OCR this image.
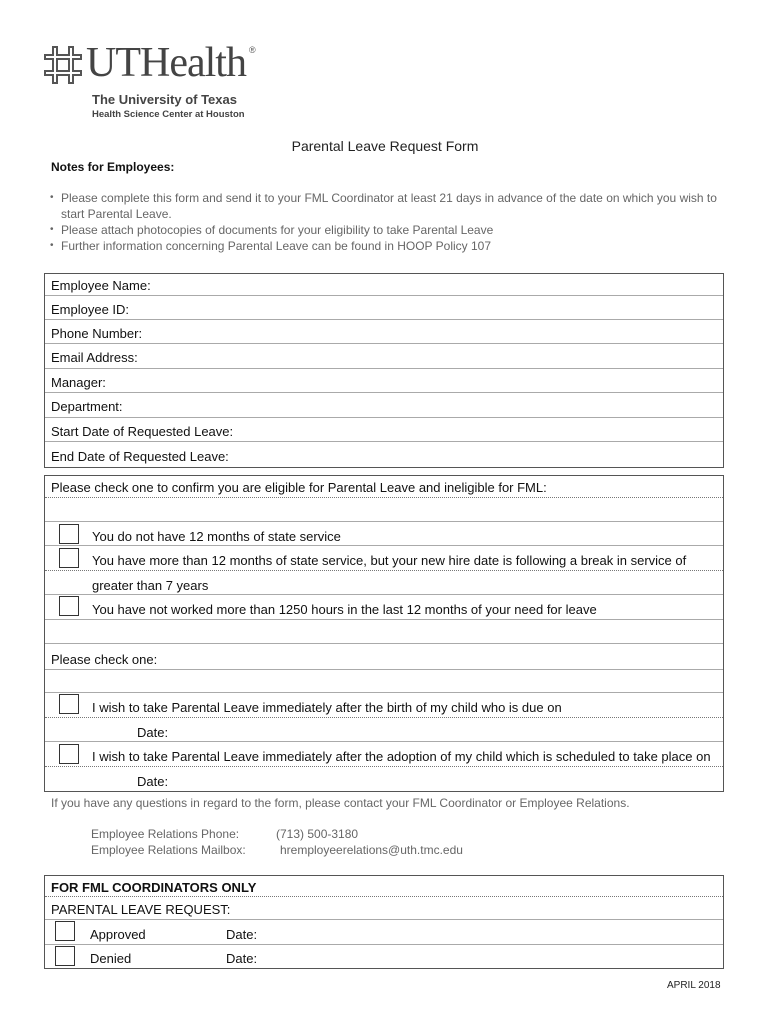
UTHealth ®
The University of Texas
Health Science Center at Houston
Parental Leave Request Form
Notes for Employees:
• Please complete this form and send it to your FML Coordinator at least 21 days in advance of the date on which you wish to start Parental Leave.
• Please attach photocopies of documents for your eligibility to take Parental Leave
• Further information concerning Parental Leave can be found in HOOP Policy 107
Employee Name:
Employee ID:
Phone Number:
Email Address:
Manager:
Department:
Start Date of Requested Leave:
End Date of Requested Leave:
Please check one to confirm you are eligible for Parental Leave and ineligible for FML:
You do not have 12 months of state service
You have more than 12 months of state service, but your new hire date is following a break in service of
greater than 7 years
You have not worked more than 1250 hours in the last 12 months of your need for leave
Please check one:
I wish to take Parental Leave immediately after the birth of my child who is due on
Date:
I wish to take Parental Leave immediately after the adoption of my child which is scheduled to take place on
Date:
If you have any questions in regard to the form, please contact your FML Coordinator or Employee Relations.
Employee Relations Phone:	(713) 500-3180
Employee Relations Mailbox:	hremployeerelations@uth.tmc.edu
FOR FML COORDINATORS ONLY
PARENTAL LEAVE REQUEST:
Approved	Date:
Denied	Date:
APRIL 2018
